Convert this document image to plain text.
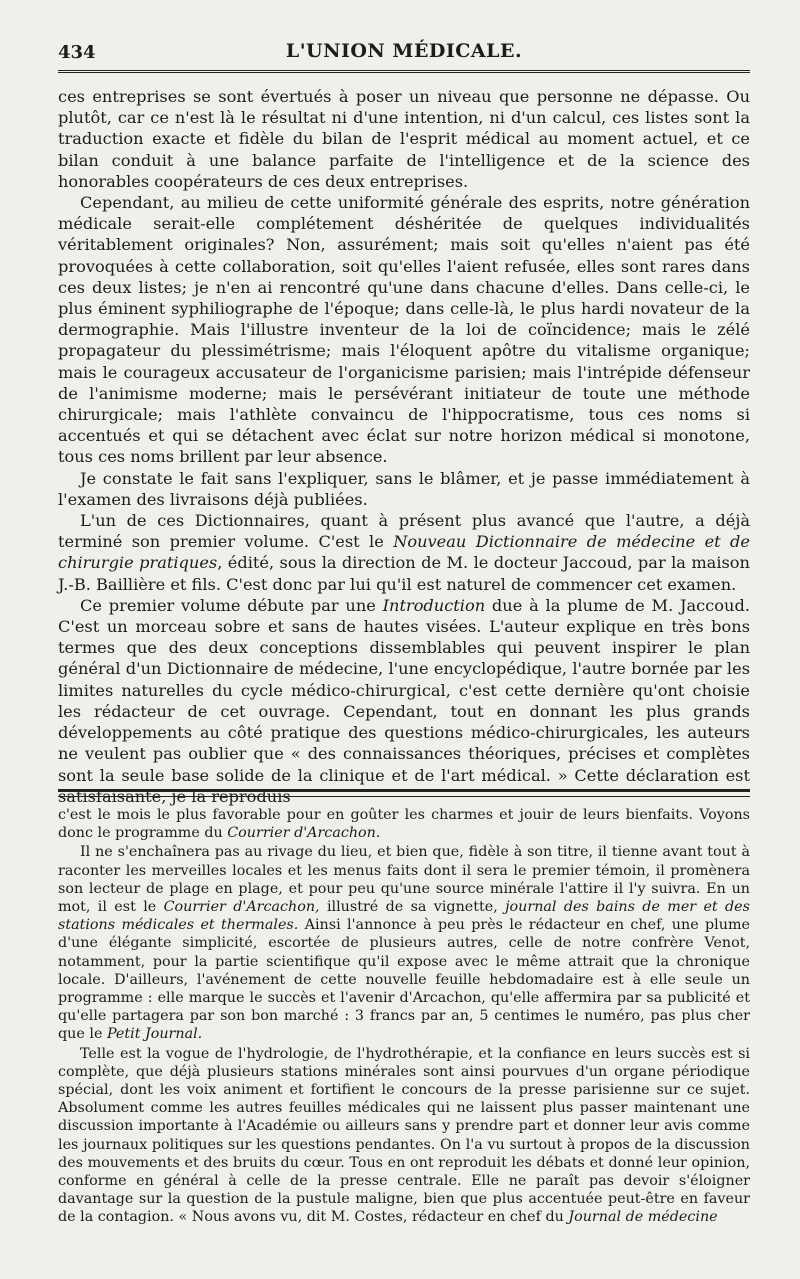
434	L'UNION MÉDICALE.

ces entreprises se sont évertués à poser un niveau que personne ne dépasse. Ou plutôt, car ce n'est là le résultat ni d'une intention, ni d'un calcul, ces listes sont la traduction exacte et fidèle du bilan de l'esprit médical au moment actuel, et ce bilan conduit à une balance parfaite de l'intelligence et de la science des honorables coopérateurs de ces deux entreprises.

Cependant, au milieu de cette uniformité générale des esprits, notre génération médicale serait-elle complétement déshéritée de quelques individualités véritablement originales? Non, assurément; mais soit qu'elles n'aient pas été provoquées à cette collaboration, soit qu'elles l'aient refusée, elles sont rares dans ces deux listes; je n'en ai rencontré qu'une dans chacune d'elles. Dans celle-ci, le plus éminent syphiliographe de l'époque; dans celle-là, le plus hardi novateur de la dermographie. Mais l'illustre inventeur de la loi de coïncidence; mais le zélé propagateur du plessimétrisme; mais l'éloquent apôtre du vitalisme organique; mais le courageux accusateur de l'organicisme parisien; mais l'intrépide défenseur de l'animisme moderne; mais le persévérant initiateur de toute une méthode chirurgicale; mais l'athlète convaincu de l'hippocratisme, tous ces noms si accentués et qui se détachent avec éclat sur notre horizon médical si monotone, tous ces noms brillent par leur absence.

Je constate le fait sans l'expliquer, sans le blâmer, et je passe immédiatement à l'examen des livraisons déjà publiées.

L'un de ces Dictionnaires, quant à présent plus avancé que l'autre, a déjà terminé son premier volume. C'est le Nouveau Dictionnaire de médecine et de chirurgie pratiques, édité, sous la direction de M. le docteur Jaccoud, par la maison J.-B. Baillière et fils. C'est donc par lui qu'il est naturel de commencer cet examen.

Ce premier volume débute par une Introduction due à la plume de M. Jaccoud. C'est un morceau sobre et sans de hautes visées. L'auteur explique en très bons termes que des deux conceptions dissemblables qui peuvent inspirer le plan général d'un Dictionnaire de médecine, l'une encyclopédique, l'autre bornée par les limites naturelles du cycle médico-chirurgical, c'est cette dernière qu'ont choisie les rédacteur de cet ouvrage. Cependant, tout en donnant les plus grands développements au côté pratique des questions médico-chirurgicales, les auteurs ne veulent pas oublier que « des connaissances théoriques, précises et complètes sont la seule base solide de la clinique et de l'art médical. » Cette déclaration est satisfaisante, je la reproduis

c'est le mois le plus favorable pour en goûter les charmes et jouir de leurs bienfaits. Voyons donc le programme du Courrier d'Arcachon.

Il ne s'enchaînera pas au rivage du lieu, et bien que, fidèle à son titre, il tienne avant tout à raconter les merveilles locales et les menus faits dont il sera le premier témoin, il promènera son lecteur de plage en plage, et pour peu qu'une source minérale l'attire il l'y suivra. En un mot, il est le Courrier d'Arcachon, illustré de sa vignette, journal des bains de mer et des stations médicales et thermales. Ainsi l'annonce à peu près le rédacteur en chef, une plume d'une élégante simplicité, escortée de plusieurs autres, celle de notre confrère Venot, notamment, pour la partie scientifique qu'il expose avec le même attrait que la chronique locale. D'ailleurs, l'avénement de cette nouvelle feuille hebdomadaire est à elle seule un programme : elle marque le succès et l'avenir d'Arcachon, qu'elle affermira par sa publicité et qu'elle partagera par son bon marché : 3 francs par an, 5 centimes le numéro, pas plus cher que le Petit Journal.

Telle est la vogue de l'hydrologie, de l'hydrothérapie, et la confiance en leurs succès est si complète, que déjà plusieurs stations minérales sont ainsi pourvues d'un organe périodique spécial, dont les voix animent et fortifient le concours de la presse parisienne sur ce sujet. Absolument comme les autres feuilles médicales qui ne laissent plus passer maintenant une discussion importante à l'Académie ou ailleurs sans y prendre part et donner leur avis comme les journaux politiques sur les questions pendantes. On l'a vu surtout à propos de la discussion des mouvements et des bruits du cœur. Tous en ont reproduit les débats et donné leur opinion, conforme en général à celle de la presse centrale. Elle ne paraît pas devoir s'éloigner davantage sur la question de la pustule maligne, bien que plus accentuée peut-être en faveur de la contagion. « Nous avons vu, dit M. Costes, rédacteur en chef du Journal de médecine
